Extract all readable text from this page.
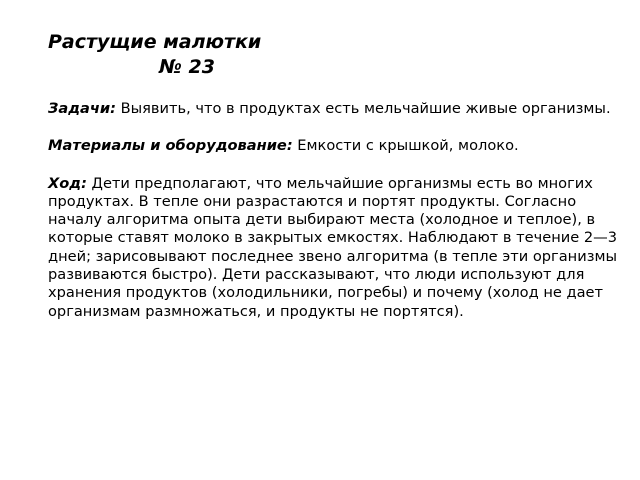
Растущие малютки
№ 23

Задачи: Выявить, что в продуктах есть мельчайшие живые организмы.

Материалы и оборудование: Емкости с крышкой, молоко.

Ход: Дети предполагают, что мельчайшие организмы есть во многих продуктах. В тепле они разрастаются и портят продукты. Согласно началу алгоритма опыта дети выбирают места (холодное и теплое), в которые ставят молоко в закрытых емкостях. Наблюдают в течение 2—3 дней; зарисовывают последнее звено алгоритма (в тепле эти организмы развиваются быстро). Дети рассказывают, что люди используют для хранения продуктов (холодильники, погребы) и почему (холод не дает организмам размножаться, и продукты не портятся).
